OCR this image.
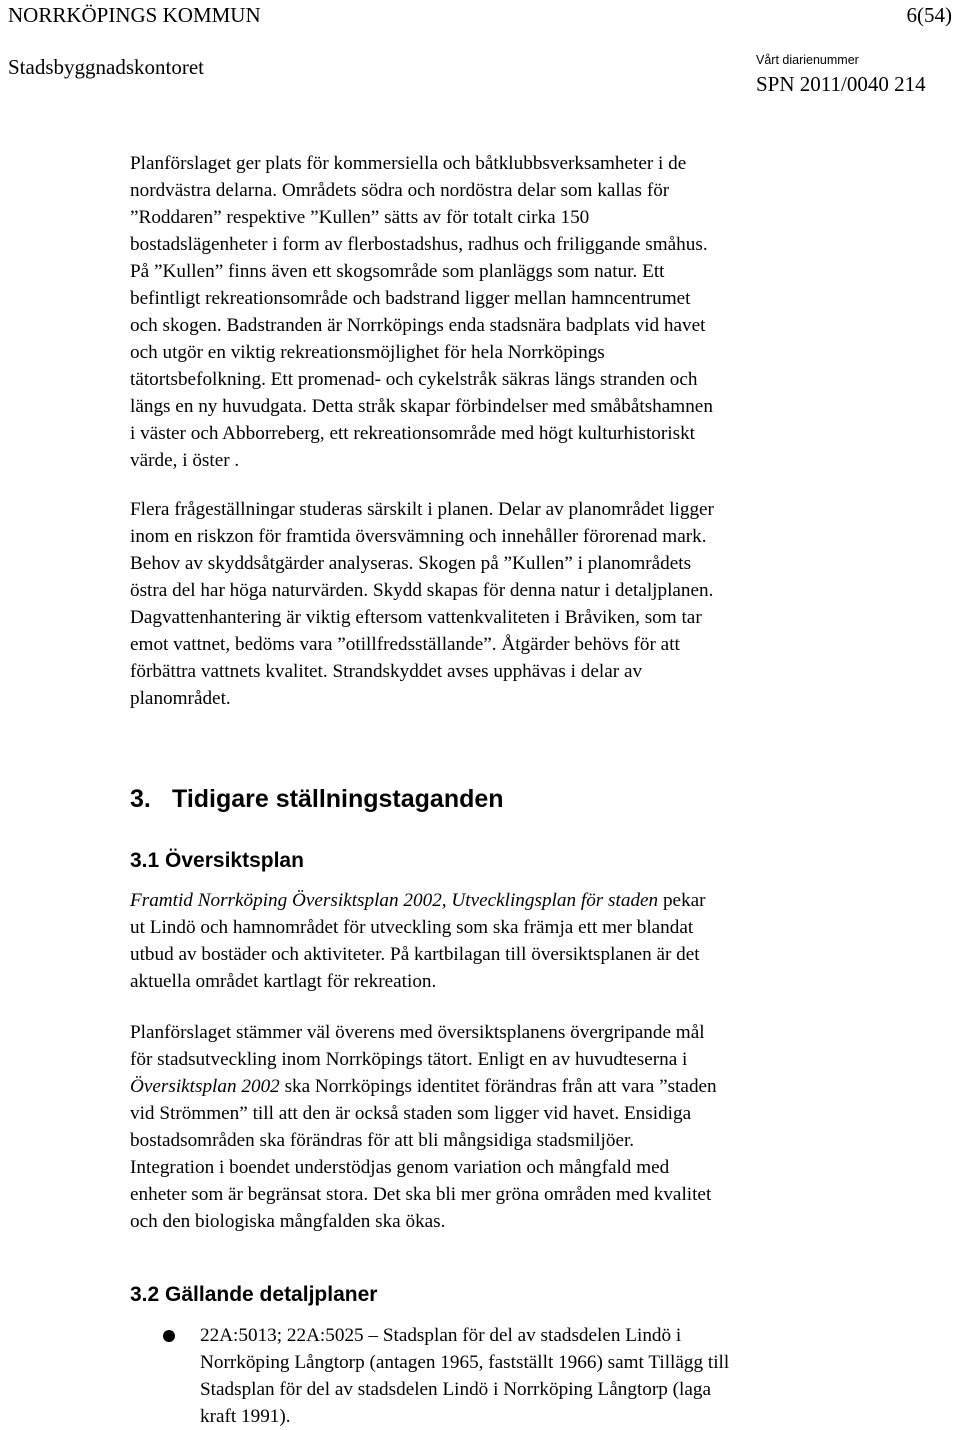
NORRKÖPINGS KOMMUN	6(54)
Stadsbyggnadskontoret	Vårt diarienummer
SPN 2011/0040 214
Planförslaget ger plats för kommersiella och båtklubbsverksamheter i de
nordvästra delarna. Områdets södra och nordöstra delar som kallas för
”Roddaren” respektive ”Kullen” sätts av för totalt cirka 150
bostadslägenheter i form av flerbostadshus, radhus och friliggande småhus.
På ”Kullen” finns även ett skogsområde som planläggs som natur. Ett
befintligt rekreationsområde och badstrand ligger mellan hamncentrumet
och skogen. Badstranden är Norrköpings enda stadsnära badplats vid havet
och utgör en viktig rekreationsmöjlighet för hela Norrköpings
tätortsbefolkning. Ett promenad- och cykelstråk säkras längs stranden och
längs en ny huvudgata. Detta stråk skapar förbindelser med småbåtshamnen
i väster och Abborreberg, ett rekreationsområde med högt kulturhistoriskt
värde, i öster .
Flera frågeställningar studeras särskilt i planen. Delar av planområdet ligger
inom en riskzon för framtida översvämning och innehåller förorenad mark.
Behov av skyddsåtgärder analyseras. Skogen på ”Kullen” i planområdets
östra del har höga naturvärden. Skydd skapas för denna natur i detaljplanen.
Dagvattenhantering är viktig eftersom vattenkvaliteten i Bråviken, som tar
emot vattnet, bedöms vara ”otillfredsställande”. Åtgärder behövs för att
förbättra vattnets kvalitet. Strandskyddet avses upphävas i delar av
planområdet.
3. Tidigare ställningstaganden
3.1 Översiktsplan
Framtid Norrköping Översiktsplan 2002, Utvecklingsplan för staden pekar
ut Lindö och hamnområdet för utveckling som ska främja ett mer blandat
utbud av bostäder och aktiviteter. På kartbilagan till översiktsplanen är det
aktuella området kartlagt för rekreation.
Planförslaget stämmer väl överens med översiktsplanens övergripande mål
för stadsutveckling inom Norrköpings tätort. Enligt en av huvudteserna i
Översiktsplan 2002 ska Norrköpings identitet förändras från att vara ”staden
vid Strömmen” till att den är också staden som ligger vid havet. Ensidiga
bostadsområden ska förändras för att bli mångsidiga stadsmiljöer.
Integration i boendet understödjas genom variation och mångfald med
enheter som är begränsat stora. Det ska bli mer gröna områden med kvalitet
och den biologiska mångfalden ska ökas.
3.2 Gällande detaljplaner
22A:5013; 22A:5025 – Stadsplan för del av stadsdelen Lindö i
Norrköping Långtorp (antagen 1965, fastställt 1966) samt Tillägg till
Stadsplan för del av stadsdelen Lindö i Norrköping Långtorp (laga
kraft 1991).
